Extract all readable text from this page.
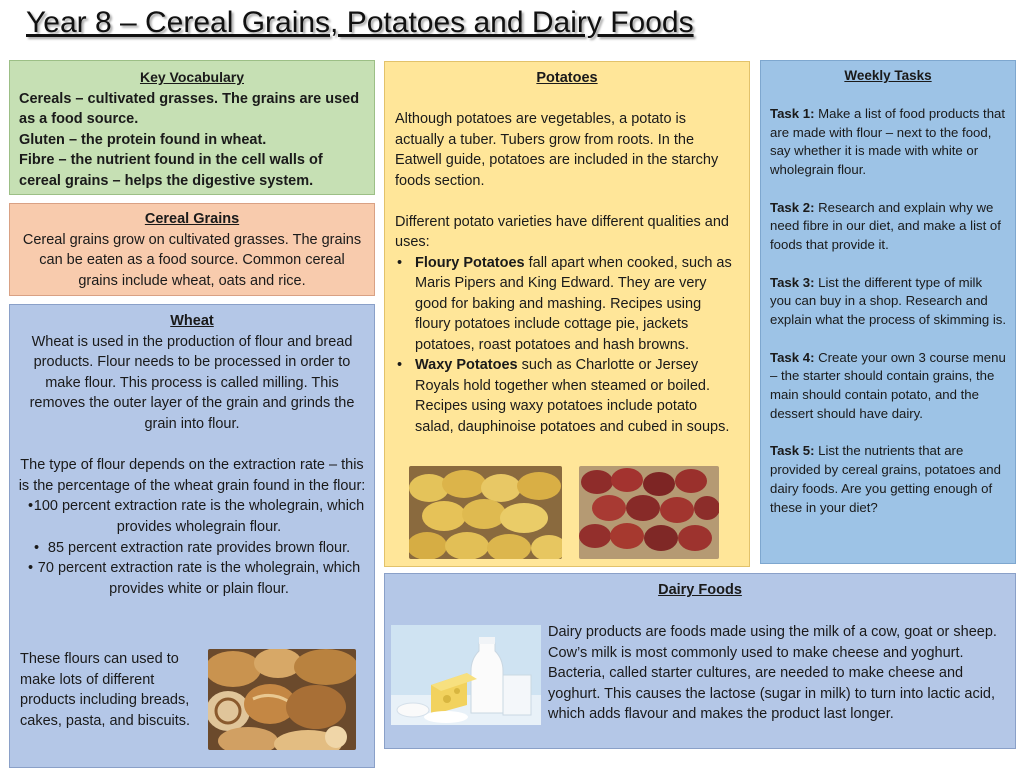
Year 8 – Cereal Grains, Potatoes and Dairy Foods
Key Vocabulary
Cereals – cultivated grasses. The grains are used as a food source.
Gluten – the protein found in wheat.
Fibre – the nutrient found in the cell walls of cereal grains – helps the digestive system.
Cereal Grains
Cereal grains grow on cultivated grasses. The grains can be eaten as a food source. Common cereal grains include wheat, oats and rice.
Wheat
Wheat is used in the production of flour and bread products. Flour needs to be processed in order to make flour. This process is called milling. This removes the outer layer of the grain and grinds the grain into flour.
The type of flour depends on the extraction rate – this is the percentage of the wheat grain found in the flour:
• 100 percent extraction rate is the wholegrain, which provides wholegrain flour.
• 85 percent extraction rate provides brown flour.
• 70 percent extraction rate is the wholegrain, which provides white or plain flour.
These flours can used to make lots of different products including breads, cakes, pasta, and biscuits.
Potatoes

Although potatoes are vegetables, a potato is actually a tuber. Tubers grow from roots. In the Eatwell guide, potatoes are included in the starchy foods section.

Different potato varieties have different qualities and uses:

• Floury Potatoes fall apart when cooked, such as Maris Pipers and King Edward. They are very good for baking and mashing. Recipes using floury potatoes include cottage pie, jackets potatoes, roast potatoes and hash browns.
• Waxy Potatoes such as Charlotte or Jersey Royals hold together when steamed or boiled. Recipes using waxy potatoes include potato salad, dauphinoise potatoes and cubed in soups.
Weekly Tasks
Task 1: Make a list of food products that are made with flour – next to the food, say whether it is made with white or wholegrain flour.
Task 2: Research and explain why we need fibre in our diet, and make a list of foods that provide it.
Task 3: List the different type of milk you can buy in a shop. Research and explain what the process of skimming is.
Task 4: Create your own 3 course menu – the starter should contain grains, the main should contain potato, and the dessert should have dairy.
Task 5: List the nutrients that are provided by cereal grains, potatoes and dairy foods. Are you getting enough of these in your diet?
Dairy Foods
Dairy products are foods made using the milk of a cow, goat or sheep. Cow’s milk is most commonly used to make cheese and yoghurt. Bacteria, called starter cultures, are needed to make cheese and yoghurt. This causes the lactose (sugar in milk) to turn into lactic acid, which adds flavour and makes the product last longer.
